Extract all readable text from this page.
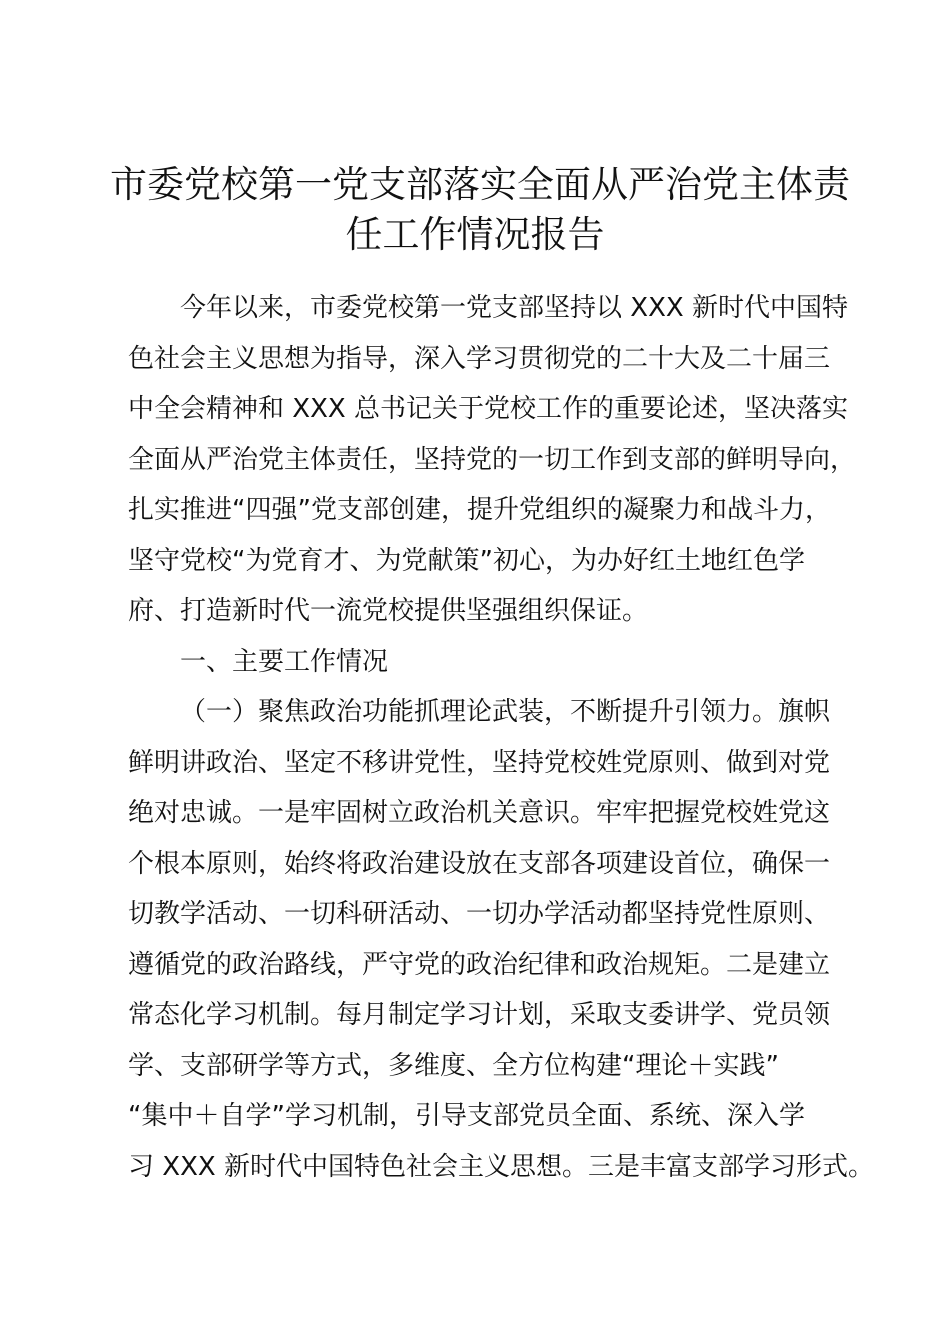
市委党校第一党支部落实全面从严治党主体责
任工作情况报告
今年以来，市委党校第一党支部坚持以 XXX 新时代中国特
色社会主义思想为指导，深入学习贯彻党的二十大及二十届三
中全会精神和 XXX 总书记关于党校工作的重要论述，坚决落实
全面从严治党主体责任，坚持党的一切工作到支部的鲜明导向，
扎实推进“四强”党支部创建，提升党组织的凝聚力和战斗力，
坚守党校“为党育才、为党献策”初心，为办好红土地红色学
府、打造新时代一流党校提供坚强组织保证。
一、主要工作情况
（一）聚焦政治功能抓理论武装，不断提升引领力。旗帜
鲜明讲政治、坚定不移讲党性，坚持党校姓党原则、做到对党
绝对忠诚。一是牢固树立政治机关意识。牢牢把握党校姓党这
个根本原则，始终将政治建设放在支部各项建设首位，确保一
切教学活动、一切科研活动、一切办学活动都坚持党性原则、
遵循党的政治路线，严守党的政治纪律和政治规矩。二是建立
常态化学习机制。每月制定学习计划，采取支委讲学、党员领
学、支部研学等方式，多维度、全方位构建“理论＋实践”
“集中＋自学”学习机制，引导支部党员全面、系统、深入学
习 XXX 新时代中国特色社会主义思想。三是丰富支部学习形式。
